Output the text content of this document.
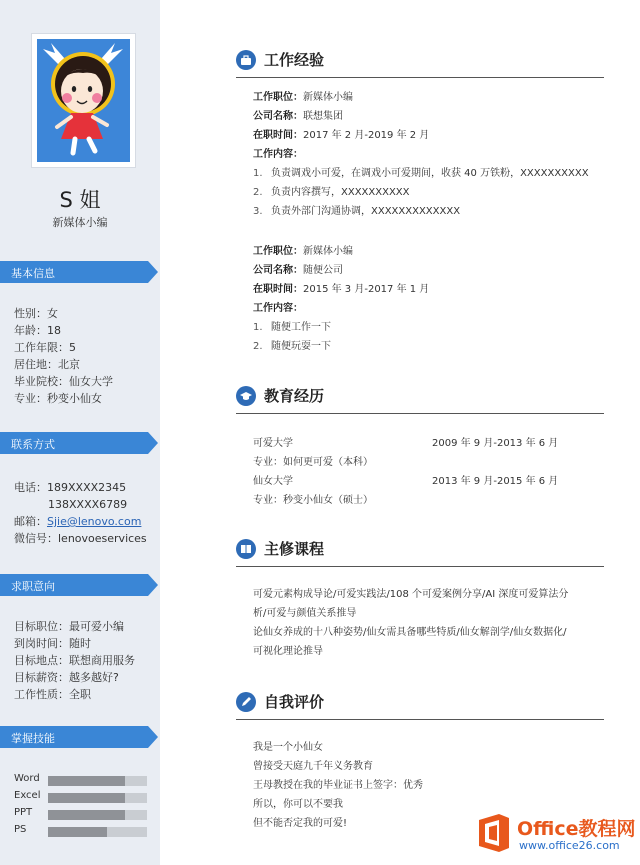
S 姐
新媒体小编
基本信息
性别：女
年龄：18
工作年限：5
居住地：北京
毕业院校：仙女大学
专业：秒变小仙女
联系方式
电话：189XXXX2345
138XXXX6789
邮箱：Sjie@lenovo.com
微信号：lenovoeservices
求职意向
目标职位：最可爱小编
到岗时间：随时
目标地点：联想商用服务
目标薪资：越多越好?
工作性质：全职
掌握技能
Word
Excel
PPT
PS
工作经验
工作职位：新媒体小编
公司名称：联想集团
在职时间：2017 年 2 月-2019 年 2 月
工作内容：
1. 负责调戏小可爱，在调戏小可爱期间，收获 40 万铁粉，XXXXXXXXXX
2. 负责内容撰写，XXXXXXXXXX
3. 负责外部门沟通协调，XXXXXXXXXXXXX
工作职位：新媒体小编
公司名称：随便公司
在职时间：2015 年 3 月-2017 年 1 月
工作内容：
1. 随便工作一下
2. 随便玩耍一下
教育经历
可爱大学	2009 年 9 月-2013 年 6 月
专业：如何更可爱（本科）
仙女大学	2013 年 9 月-2015 年 6 月
专业：秒变小仙女（硕士）
主修课程
可爱元素构成导论/可爱实践法/108 个可爱案例分享/AI 深度可爱算法分
析/可爱与颜值关系推导
论仙女养成的十八种姿势/仙女需具备哪些特质/仙女解剖学/仙女数据化/
可视化理论推导
自我评价
我是一个小仙女
曾接受天庭九千年义务教育
王母教授在我的毕业证书上签字：优秀
所以，你可以不要我
但不能否定我的可爱!	Office教程网
www.office26.com
